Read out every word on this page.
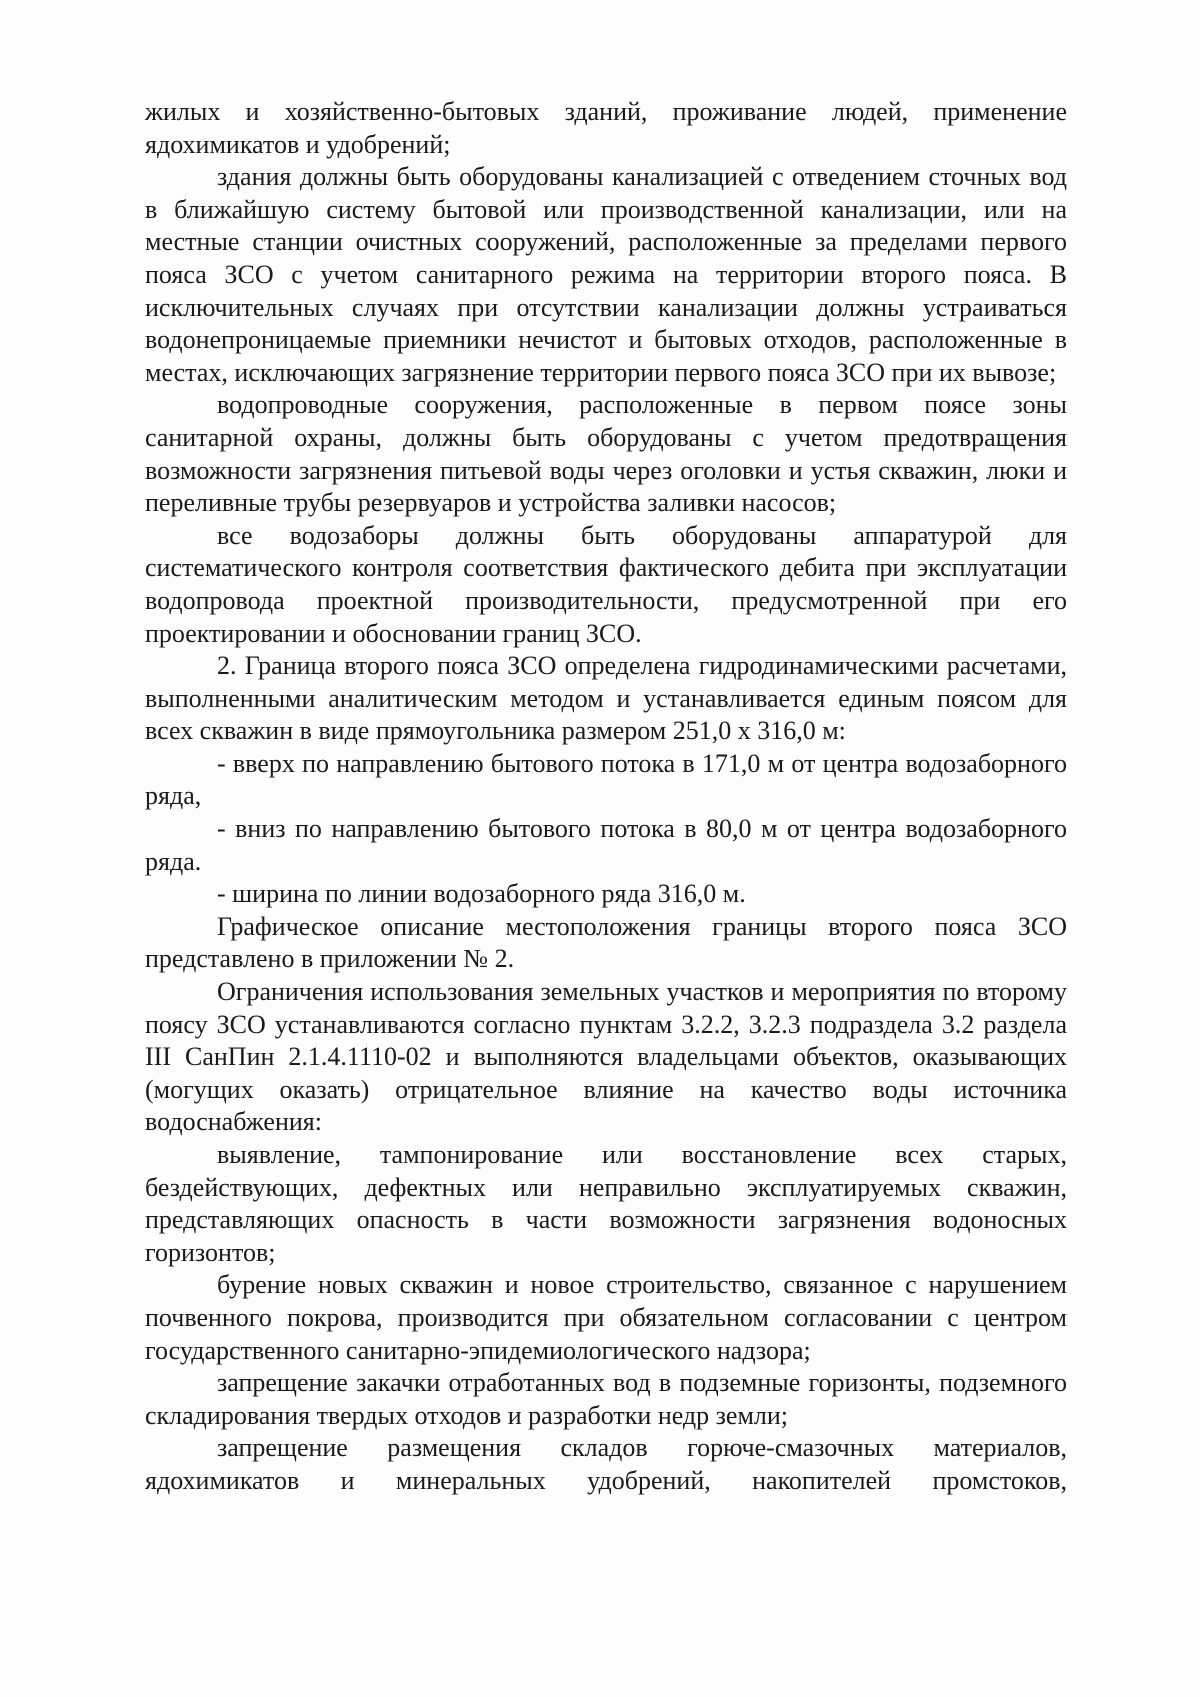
жилых и хозяйственно-бытовых зданий, проживание людей, применение ядохимикатов и удобрений;

здания должны быть оборудованы канализацией с отведением сточных вод в ближайшую систему бытовой или производственной канализации, или на местные станции очистных сооружений, расположенные за пределами первого пояса ЗСО с учетом санитарного режима на территории второго пояса. В исключительных случаях при отсутствии канализации должны устраиваться водонепроницаемые приемники нечистот и бытовых отходов, расположенные в местах, исключающих загрязнение территории первого пояса ЗСО при их вывозе;

водопроводные сооружения, расположенные в первом поясе зоны санитарной охраны, должны быть оборудованы с учетом предотвращения возможности загрязнения питьевой воды через оголовки и устья скважин, люки и переливные трубы резервуаров и устройства заливки насосов;

все водозаборы должны быть оборудованы аппаратурой для систематического контроля соответствия фактического дебита при эксплуатации водопровода проектной производительности, предусмотренной при его проектировании и обосновании границ ЗСО.

2. Граница второго пояса ЗСО определена гидродинамическими расчетами, выполненными аналитическим методом и устанавливается единым поясом для всех скважин в виде прямоугольника размером 251,0 х 316,0 м:

- вверх по направлению бытового потока в 171,0 м от центра водозаборного ряда,

- вниз по направлению бытового потока в 80,0 м от центра водозаборного ряда.

- ширина по линии водозаборного ряда 316,0 м.

Графическое описание местоположения границы второго пояса ЗСО представлено в приложении № 2.

Ограничения использования земельных участков и мероприятия по второму поясу ЗСО устанавливаются согласно пунктам 3.2.2, 3.2.3 подраздела 3.2 раздела III СанПин 2.1.4.1110-02 и выполняются владельцами объектов, оказывающих (могущих оказать) отрицательное влияние на качество воды источника водоснабжения:

выявление, тампонирование или восстановление всех старых, бездействующих, дефектных или неправильно эксплуатируемых скважин, представляющих опасность в части возможности загрязнения водоносных горизонтов;

бурение новых скважин и новое строительство, связанное с нарушением почвенного покрова, производится при обязательном согласовании с центром государственного санитарно-эпидемиологического надзора;

запрещение закачки отработанных вод в подземные горизонты, подземного складирования твердых отходов и разработки недр земли;

запрещение размещения складов горюче-смазочных материалов, ядохимикатов и минеральных удобрений, накопителей промстоков,
